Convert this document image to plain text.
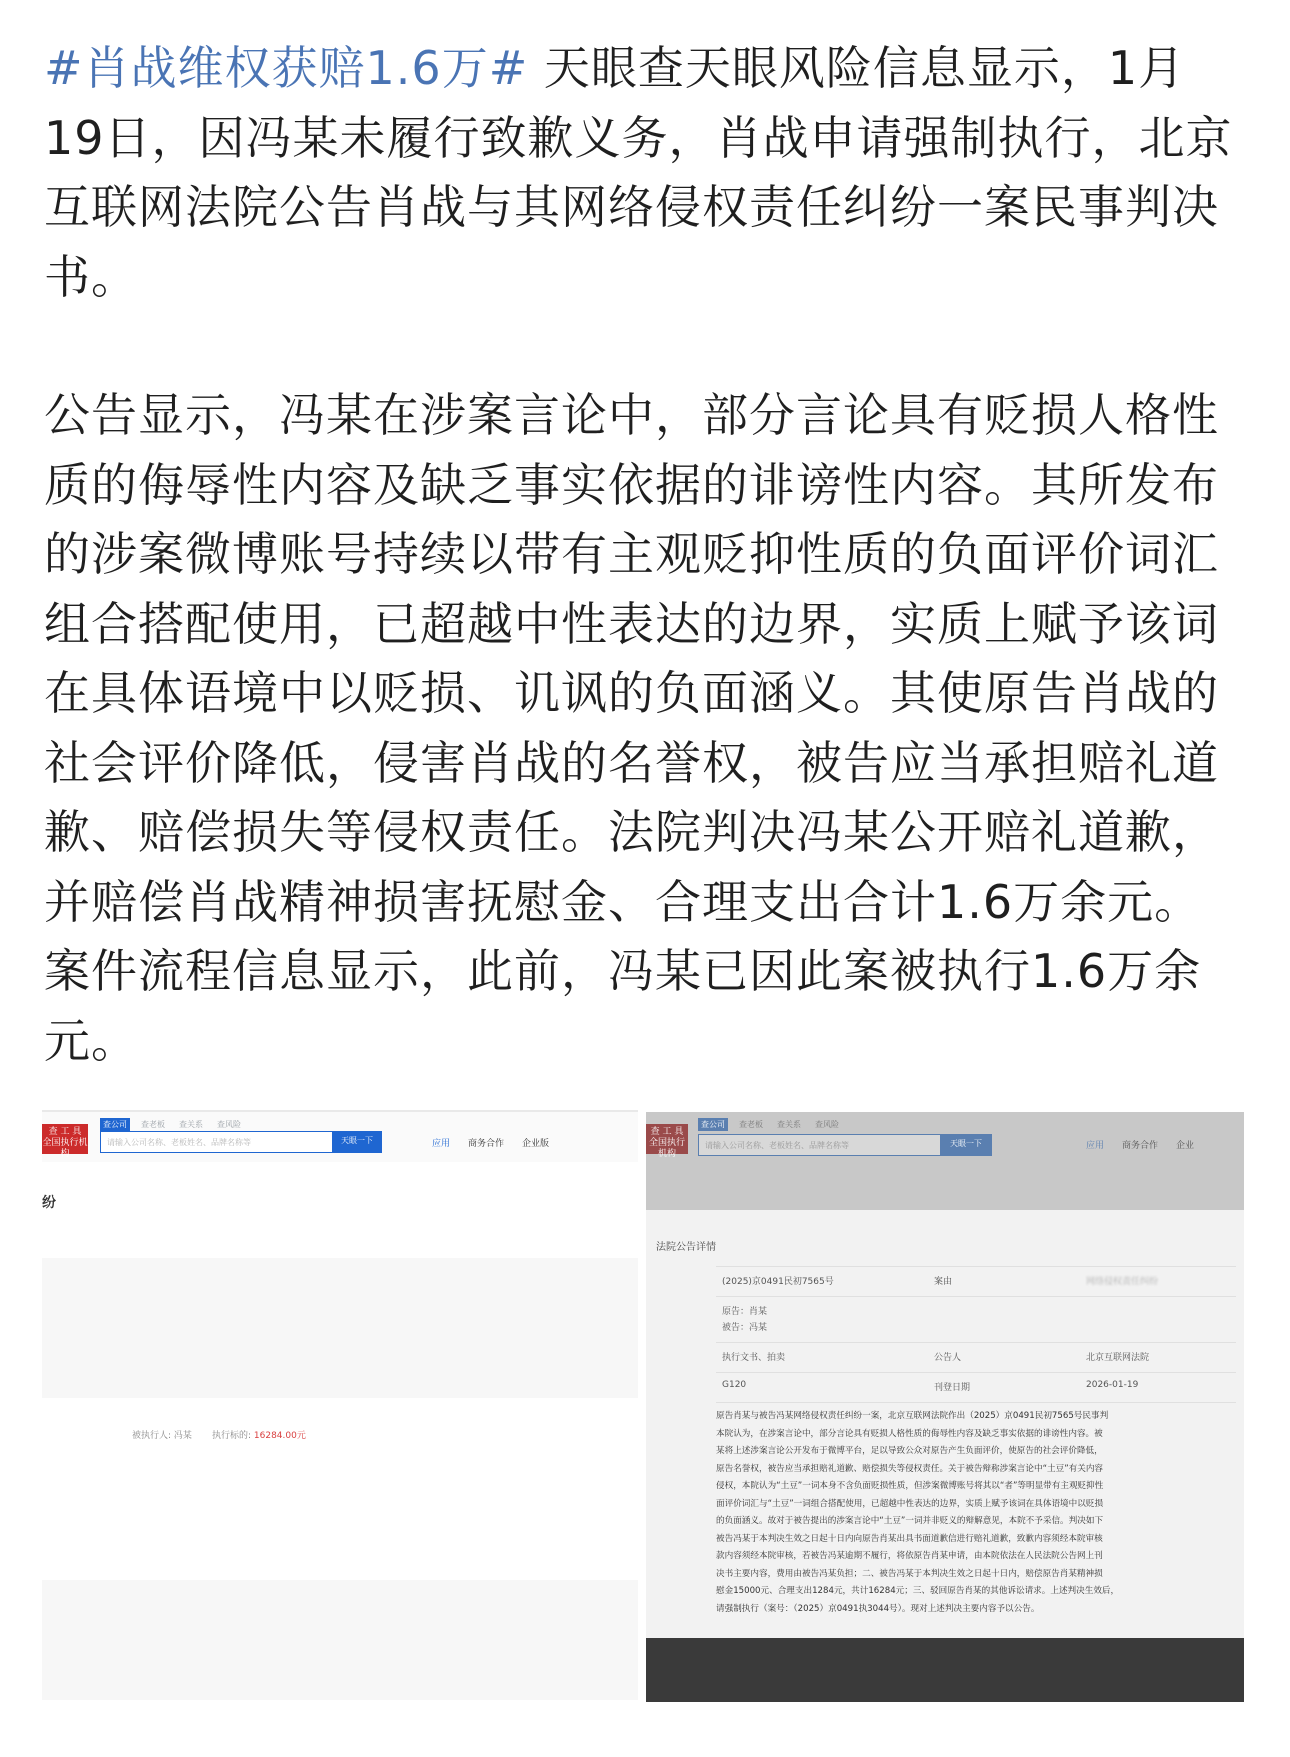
#肖战维权获赔1.6万# 天眼查天眼风险信息显示，1月19日，因冯某未履行致歉义务，肖战申请强制执行，北京互联网法院公告肖战与其网络侵权责任纠纷一案民事判决书。

公告显示，冯某在涉案言论中，部分言论具有贬损人格性质的侮辱性内容及缺乏事实依据的诽谤性内容。其所发布的涉案微博账号持续以带有主观贬抑性质的负面评价词汇组合搭配使用，已超越中性表达的边界，实质上赋予该词在具体语境中以贬损、讥讽的负面涵义。其使原告肖战的社会评价降低，侵害肖战的名誉权，被告应当承担赔礼道歉、赔偿损失等侵权责任。法院判决冯某公开赔礼道歉，并赔偿肖战精神损害抚慰金、合理支出合计1.6万余元。案件流程信息显示，此前，冯某已因此案被执行1.6万余元。

查 工 具
全国执行机构
查公司	查老板	查关系	查风险
请输入公司名称、老板姓名、品牌名称等	天眼一下	应用 商务合作 企业版
纷
被执行人: 冯某 执行标的: 16284.00元
查 工 具
全国执行机构
查公司	查老板	查关系	查风险
请输入公司名称、老板姓名、品牌名称等	天眼一下	应用 商务合作 企业
法院公告详情
(2025)京0491民初7565号	案由	网络侵权责任纠纷
原告：肖某
被告：冯某
执行文书、拍卖	公告人	北京互联网法院
G120	刊登日期	2026-01-19
原告肖某与被告冯某网络侵权责任纠纷一案，北京互联网法院作出（2025）京0491民初7565号民事判
本院认为，在涉案言论中，部分言论具有贬损人格性质的侮辱性内容及缺乏事实依据的诽谤性内容。被
某将上述涉案言论公开发布于微博平台，足以导致公众对原告产生负面评价，使原告的社会评价降低，
原告名誉权，被告应当承担赔礼道歉、赔偿损失等侵权责任。关于被告辩称涉案言论中“土豆”有关内容
侵权，本院认为“土豆”一词本身不含负面贬损性质，但涉案微博账号将其以“者”等明显带有主观贬抑性
面评价词汇与“土豆”一词组合搭配使用，已超越中性表达的边界，实质上赋予该词在具体语境中以贬损
的负面涵义。故对于被告提出的涉案言论中“土豆”一词并非贬义的辩解意见，本院不予采信。判决如下
被告冯某于本判决生效之日起十日内向原告肖某出具书面道歉信进行赔礼道歉，致歉内容须经本院审核
款内容须经本院审核，若被告冯某逾期不履行，将依原告肖某申请，由本院依法在人民法院公告网上刊
决书主要内容，费用由被告冯某负担；二、被告冯某于本判决生效之日起十日内，赔偿原告肖某精神损
慰金15000元、合理支出1284元，共计16284元；三、驳回原告肖某的其他诉讼请求。上述判决生效后，
请强制执行（案号：（2025）京0491执3044号）。现对上述判决主要内容予以公告。
